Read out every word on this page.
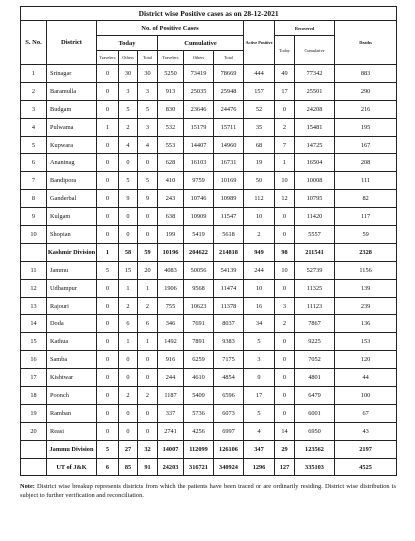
District wise Positive cases as on 28-12-2021											
S. No.	District	No. of Positive Cases						Active Positive	Recovered		Deaths
		Today			Cumulative				Today	Cumulative	
		Travelers	Others	Total	Travelers	Others	Total				
1	Srinagar	0	30	30	5250	73419	78669	444	49	77342	883
2	Baramulla	0	3	3	913	25035	25948	157	17	25501	290
3	Budgam	0	5	5	830	23646	24476	52	0	24208	216
4	Pulwama	1	2	3	532	15179	15711	35	2	15481	195
5	Kupwara	0	4	4	553	14407	14960	68	7	14725	167
6	Anantnag	0	0	0	628	16103	16731	19	1	16504	208
7	Bandipora	0	5	5	410	9759	10169	50	10	10008	111
8	Ganderbal	0	9	9	243	10746	10989	112	12	10795	82
9	Kulgam	0	0	0	638	10909	11547	10	0	11420	117
10	Shopian	0	0	0	199	5419	5618	2	0	5557	59
	Kashmir Division	1	58	59	10196	204622	214818	949	98	211541	2328
11	Jammu	5	15	20	4083	50056	54139	244	10	52739	1156
12	Udhampur	0	1	1	1906	9568	11474	10	0	11325	139
13	Rajouri	0	2	2	755	10623	11378	16	3	11123	239
14	Doda	0	6	6	346	7691	8037	34	2	7867	136
15	Kathua	0	1	1	1492	7891	9383	5	0	9225	153
16	Samba	0	0	0	916	6259	7175	3	0	7052	120
17	Kishtwar	0	0	0	244	4610	4854	9	0	4801	44
18	Poonch	0	2	2	1187	5409	6596	17	0	6479	100
19	Ramban	0	0	0	337	5736	6073	5	0	6001	67
20	Reasi	0	0	0	2741	4256	6997	4	14	6950	43
	Jammu Division	5	27	32	14007	112099	126106	347	29	123562	2197
	UT of J&K	6	85	91	24203	316721	340924	1296	127	335103	4525
Note: District wise breakup represents districts from which the patients have been traced or are ordinarily residing. District wise distribution is subject to further verification and reconciliation.
